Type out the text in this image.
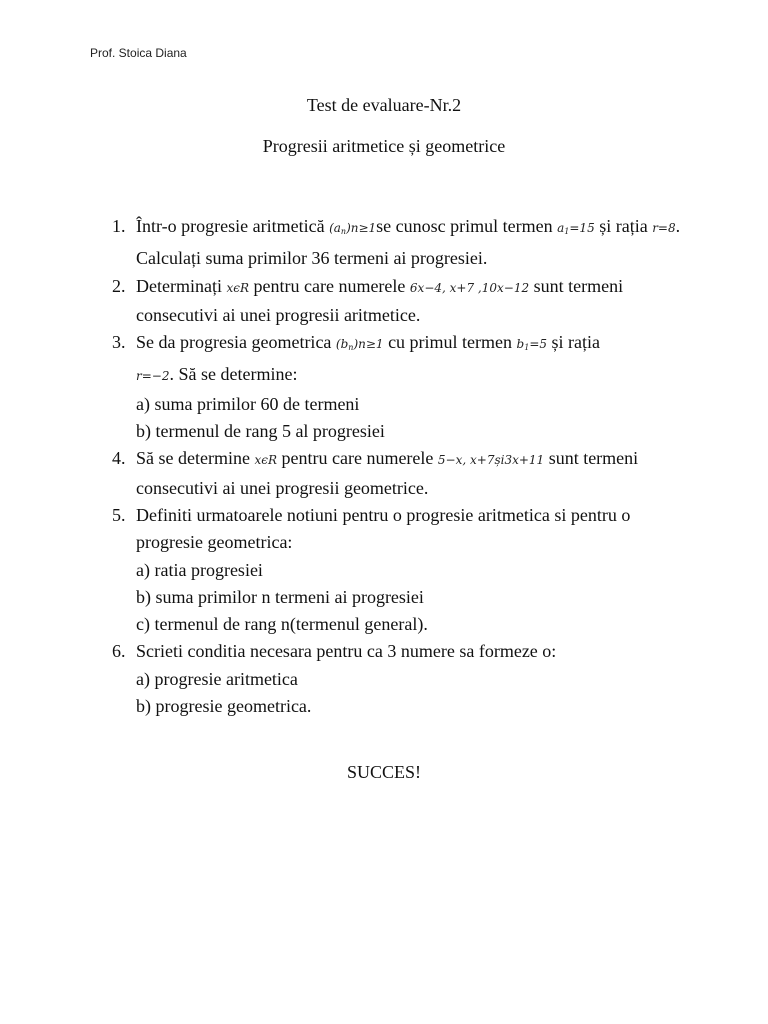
Prof. Stoica Diana
Test de evaluare-Nr.2
Progresii aritmetice și geometrice
1. Într-o progresie aritmetică $(a_n)n\ge 1se$ cunosc primul termen $a_1=15$ și rația r=8. Calculați suma primilor 36 termeni ai progresiei.
2. Determinați xϵR pentru care numerele 6x−4, x+7 ,10x−12 sunt termeni consecutivi ai unei progresii aritmetice.
3. Se da progresia geometrica $(b_n)n\ge 1$ cu primul termen $b_1=5$ și rația
r=−2. Să se determine:
a) suma primilor 60 de termeni
b) termenul de rang 5 al progresiei
4. Să se determine xϵR pentru care numerele 5−x, x+7și3x+11 sunt termeni consecutivi ai unei progresii geometrice.
5. Definiti urmatoarele notiuni pentru o progresie aritmetica si pentru o progresie geometrica:
a) ratia progresiei
b) suma primilor n termeni ai progresiei
c) termenul de rang n(termenul general).
6. Scrieti conditia necesara pentru ca 3 numere sa formeze o:
a) progresie aritmetica
b) progresie geometrica.
SUCCES!
